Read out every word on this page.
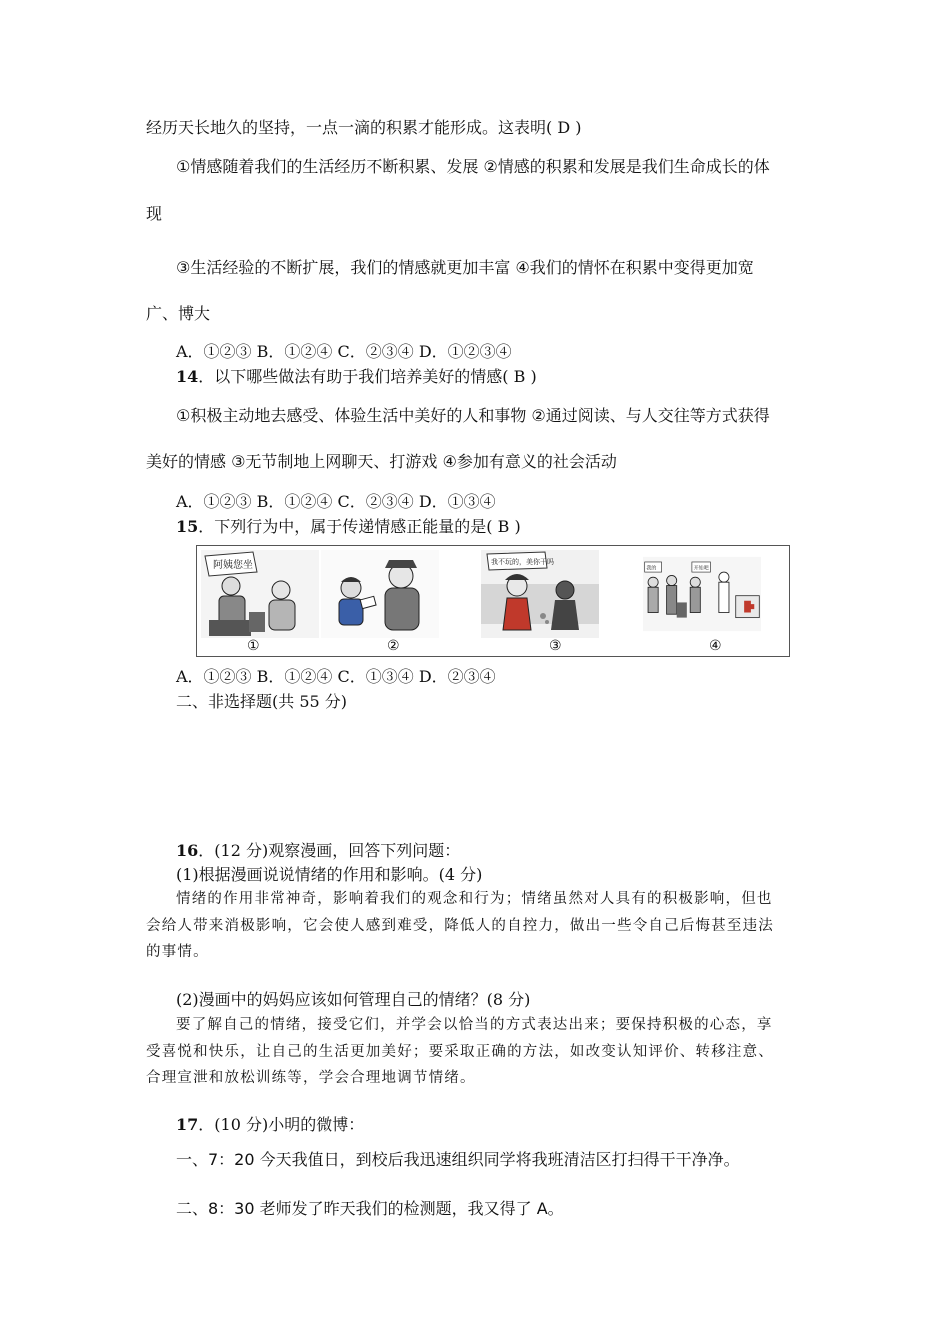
经历天长地久的坚持，一点一滴的积累才能形成。这表明( D )
①情感随着我们的生活经历不断积累、发展 ②情感的积累和发展是我们生命成长的体
现
③生活经验的不断扩展，我们的情感就更加丰富 ④我们的情怀在积累中变得更加宽
广、博大
A．①②③ B．①②④ C．②③④ D．①②③④
14．以下哪些做法有助于我们培养美好的情感( B )
①积极主动地去感受、体验生活中美好的人和事物 ②通过阅读、与人交往等方式获得
美好的情感 ③无节制地上网聊天、打游戏 ④参加有意义的社会活动
A．①②③ B．①②④ C．②③④ D．①③④
15．下列行为中，属于传递情感正能量的是( B )
阿姨您坐	我不玩的，美你干吗
我的	开始吧
①	②	③	④
A．①②③ B．①②④ C．①③④ D．②③④
二、非选择题(共 55 分)
16．(12 分)观察漫画，回答下列问题：
(1)根据漫画说说情绪的作用和影响。(4 分)
情绪的作用非常神奇，影响着我们的观念和行为；情绪虽然对人具有的积极影响，但也
会给人带来消极影响，它会使人感到难受，降低人的自控力，做出一些令自己后悔甚至违法
的事情。
(2)漫画中的妈妈应该如何管理自己的情绪？(8 分)
要了解自己的情绪，接受它们，并学会以恰当的方式表达出来；要保持积极的心态，享
受喜悦和快乐，让自己的生活更加美好；要采取正确的方法，如改变认知评价、转移注意、
合理宣泄和放松训练等，学会合理地调节情绪。
17．(10 分)小明的微博：
一、7：20 今天我值日，到校后我迅速组织同学将我班清洁区打扫得干干净净。
二、8：30 老师发了昨天我们的检测题，我又得了 A。
